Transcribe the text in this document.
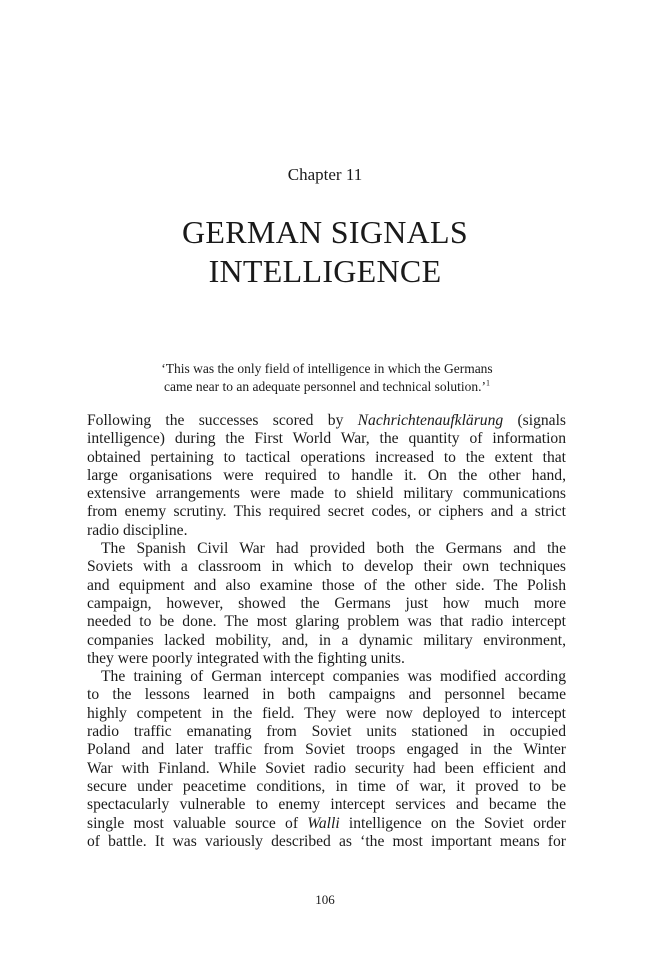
Chapter 11
GERMAN SIGNALS
INTELLIGENCE
‘This was the only field of intelligence in which the Germans
came near to an adequate personnel and technical solution.’$^1$
Following the successes scored by Nachrichtenaufklärung (signals
intelligence) during the First World War, the quantity of information
obtained pertaining to tactical operations increased to the extent that
large organisations were required to handle it. On the other hand,
extensive arrangements were made to shield military communications
from enemy scrutiny. This required secret codes, or ciphers and a strict
radio discipline.
The Spanish Civil War had provided both the Germans and the
Soviets with a classroom in which to develop their own techniques
and equipment and also examine those of the other side. The Polish
campaign, however, showed the Germans just how much more
needed to be done. The most glaring problem was that radio intercept
companies lacked mobility, and, in a dynamic military environment,
they were poorly integrated with the fighting units.
The training of German intercept companies was modified according
to the lessons learned in both campaigns and personnel became
highly competent in the field. They were now deployed to intercept
radio traffic emanating from Soviet units stationed in occupied
Poland and later traffic from Soviet troops engaged in the Winter
War with Finland. While Soviet radio security had been efficient and
secure under peacetime conditions, in time of war, it proved to be
spectacularly vulnerable to enemy intercept services and became the
single most valuable source of Walli intelligence on the Soviet order
of battle. It was variously described as ‘the most important means for
106
